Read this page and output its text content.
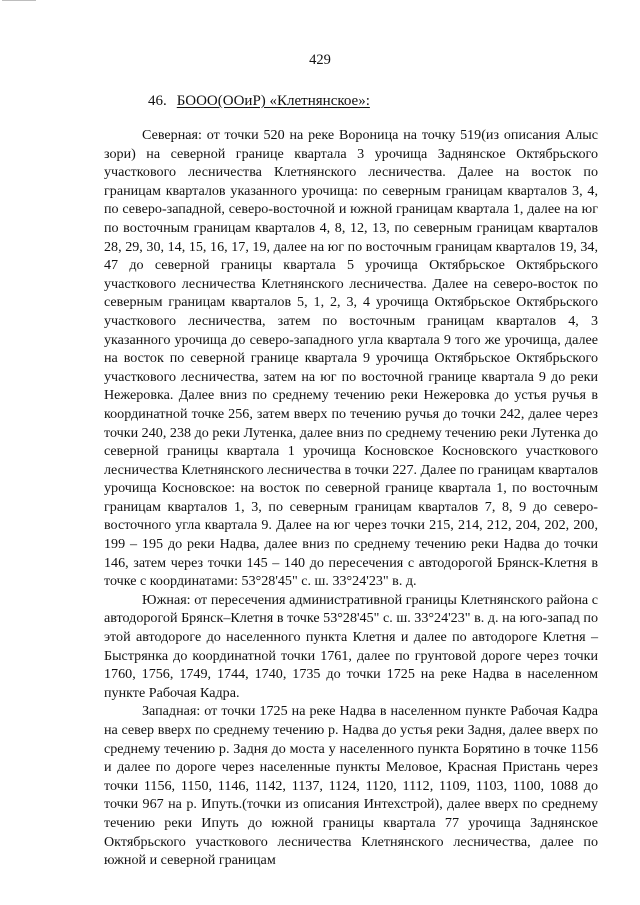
429
46. БООО(ООиР) «Клетнянское»:

Северная: от точки 520 на реке Вороница на точку 519(из описания Алыс зори) на северной границе квартала 3 урочища Заднянское Октябрьского участкового лесничества Клетнянского лесничества. Далее на восток по границам кварталов указанного урочища: по северным границам кварталов 3, 4, по северо-западной, северо-восточной и южной границам квартала 1, далее на юг по восточным границам кварталов 4, 8, 12, 13, по северным границам кварталов 28, 29, 30, 14, 15, 16, 17, 19, далее на юг по восточным границам кварталов 19, 34, 47 до северной границы квартала 5 урочища Октябрьское Октябрьского участкового лесничества Клетнянского лесничества. Далее на северо-восток по северным границам кварталов 5, 1, 2, 3, 4 урочища Октябрьское Октябрьского участкового лесничества, затем по восточным границам кварталов 4, 3 указанного урочища до северо-западного угла квартала 9 того же урочища, далее на восток по северной границе квартала 9 урочища Октябрьское Октябрьского участкового лесничества, затем на юг по восточной границе квартала 9 до реки Нежеровка. Далее вниз по среднему течению реки Нежеровка до устья ручья в координатной точке 256, затем вверх по течению ручья до точки 242, далее через точки 240, 238 до реки Лутенка, далее вниз по среднему течению реки Лутенка до северной границы квартала 1 урочища Косновское Косновского участкового лесничества Клетнянского лесничества в точки 227. Далее по границам кварталов урочища Косновское: на восток по северной границе квартала 1, по восточным границам кварталов 1, 3, по северным границам кварталов 7, 8, 9 до северо-восточного угла квартала 9. Далее на юг через точки 215, 214, 212, 204, 202, 200, 199 – 195 до реки Надва, далее вниз по среднему течению реки Надва до точки 146, затем через точки 145 – 140 до пересечения с автодорогой Брянск-Клетня в точке с координатами: 53°28'45" с. ш. 33°24'23" в. д.

Южная: от пересечения административной границы Клетнянского района с автодорогой Брянск–Клетня в точке 53°28'45" с. ш. 33°24'23" в. д. на юго-запад по этой автодороге до населенного пункта Клетня и далее по автодороге Клетня – Быстрянка до координатной точки 1761, далее по грунтовой дороге через точки 1760, 1756, 1749, 1744, 1740, 1735 до точки 1725 на реке Надва в населенном пункте Рабочая Кадра.

Западная: от точки 1725 на реке Надва в населенном пункте Рабочая Кадра на север вверх по среднему течению р. Надва до устья реки Задня, далее вверх по среднему течению р. Задня до моста у населенного пункта Борятино в точке 1156 и далее по дороге через населенные пункты Меловое, Красная Пристань через точки 1156, 1150, 1146, 1142, 1137, 1124, 1120, 1112, 1109, 1103, 1100, 1088 до точки 967 на р. Ипуть.(точки из описания Интехстрой), далее вверх по среднему течению реки Ипуть до южной границы квартала 77 урочища Заднянское Октябрьского участкового лесничества Клетнянского лесничества, далее по южной и северной границам
